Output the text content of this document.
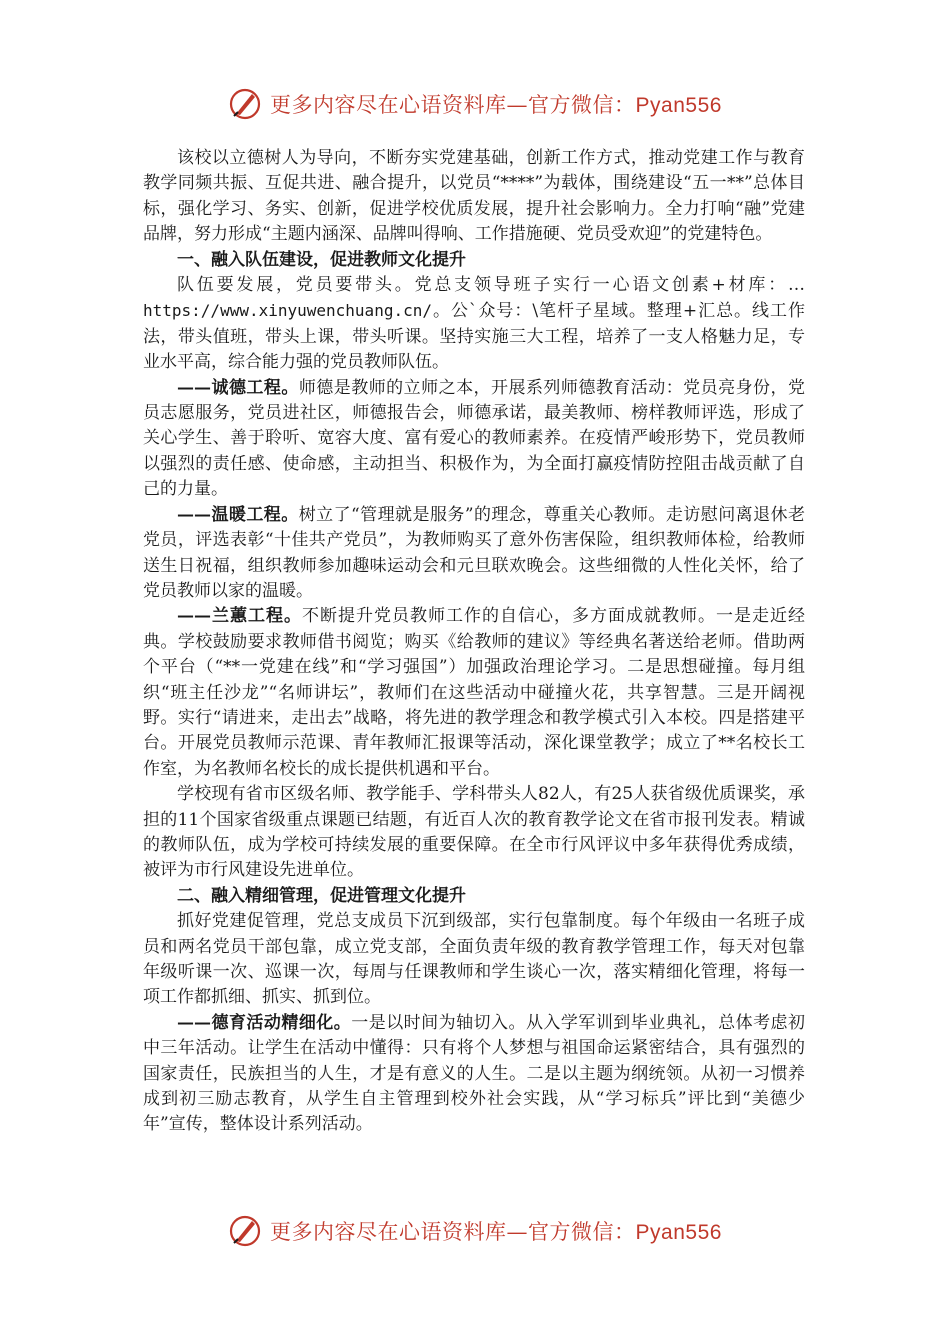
更多内容尽在心语资料库—官方微信：Pyan556

该校以立德树人为导向，不断夯实党建基础，创新工作方式，推动党建工作与教育教学同频共振、互促共进、融合提升，以党员“****”为载体，围绕建设“五一**”总体目标，强化学习、务实、创新，促进学校优质发展，提升社会影响力。全力打响“融”党建品牌，努力形成“主题内涵深、品牌叫得响、工作措施硬、党员受欢迎”的党建特色。

一、融入队伍建设，促进教师文化提升

队伍要发展，党员要带头。党总支领导班子实行一心语文创素+材库：…https://www.xinyuwenchuang.cn/。公`众号：\笔杆子星域。整理+汇总。线工作法，带头值班，带头上课，带头听课。坚持实施三大工程，培养了一支人格魅力足，专业水平高，综合能力强的党员教师队伍。

——诚德工程。师德是教师的立师之本，开展系列师德教育活动：党员亮身份，党员志愿服务，党员进社区，师德报告会，师德承诺，最美教师、榜样教师评选，形成了关心学生、善于聆听、宽容大度、富有爱心的教师素养。在疫情严峻形势下，党员教师以强烈的责任感、使命感，主动担当、积极作为，为全面打赢疫情防控阻击战贡献了自己的力量。

——温暖工程。树立了“管理就是服务”的理念，尊重关心教师。走访慰问离退休老党员，评选表彰“十佳共产党员”，为教师购买了意外伤害保险，组织教师体检，给教师送生日祝福，组织教师参加趣味运动会和元旦联欢晚会。这些细微的人性化关怀，给了党员教师以家的温暖。

——兰蕙工程。不断提升党员教师工作的自信心，多方面成就教师。一是走近经典。学校鼓励要求教师借书阅览；购买《给教师的建议》等经典名著送给老师。借助两个平台（“**一党建在线”和“学习强国”）加强政治理论学习。二是思想碰撞。每月组织“班主任沙龙”“名师讲坛”，教师们在这些活动中碰撞火花，共享智慧。三是开阔视野。实行“请进来，走出去”战略，将先进的教学理念和教学模式引入本校。四是搭建平台。开展党员教师示范课、青年教师汇报课等活动，深化课堂教学；成立了**名校长工作室，为名教师名校长的成长提供机遇和平台。

学校现有省市区级名师、教学能手、学科带头人82人，有25人获省级优质课奖，承担的11个国家省级重点课题已结题，有近百人次的教育教学论文在省市报刊发表。精诚的教师队伍，成为学校可持续发展的重要保障。在全市行风评议中多年获得优秀成绩，被评为市行风建设先进单位。

二、融入精细管理，促进管理文化提升

抓好党建促管理，党总支成员下沉到级部，实行包靠制度。每个年级由一名班子成员和两名党员干部包靠，成立党支部，全面负责年级的教育教学管理工作，每天对包靠年级听课一次、巡课一次，每周与任课教师和学生谈心一次，落实精细化管理，将每一项工作都抓细、抓实、抓到位。

——德育活动精细化。一是以时间为轴切入。从入学军训到毕业典礼，总体考虑初中三年活动。让学生在活动中懂得：只有将个人梦想与祖国命运紧密结合，具有强烈的国家责任，民族担当的人生，才是有意义的人生。二是以主题为纲统领。从初一习惯养成到初三励志教育，从学生自主管理到校外社会实践，从“学习标兵”评比到“美德少年”宣传，整体设计系列活动。

更多内容尽在心语资料库—官方微信：Pyan556
